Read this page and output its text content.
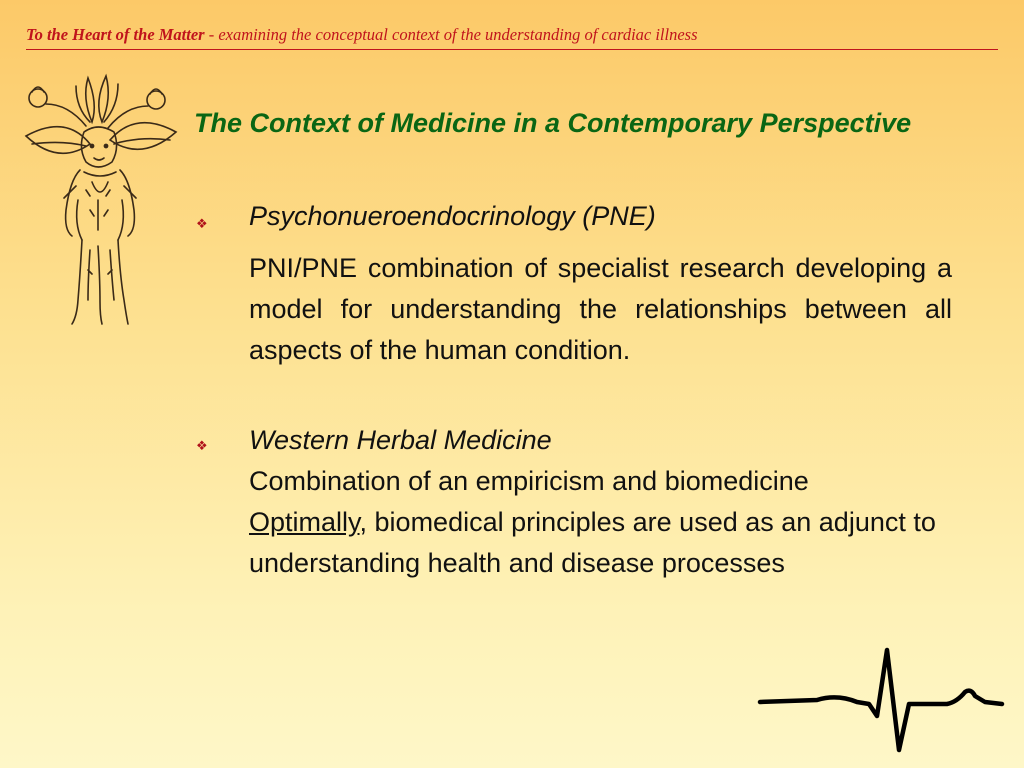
To the Heart of the Matter - examining the conceptual context of the understanding of cardiac illness
The Context of Medicine in a Contemporary Perspective
❖ Psychonueroendocrinology (PNE)
PNI/PNE combination of specialist research developing a model for understanding the relationships between all aspects of the human condition.
❖ Western Herbal Medicine
Combination of an empiricism and biomedicine
Optimally, biomedical principles are used as an adjunct to understanding health and disease processes
